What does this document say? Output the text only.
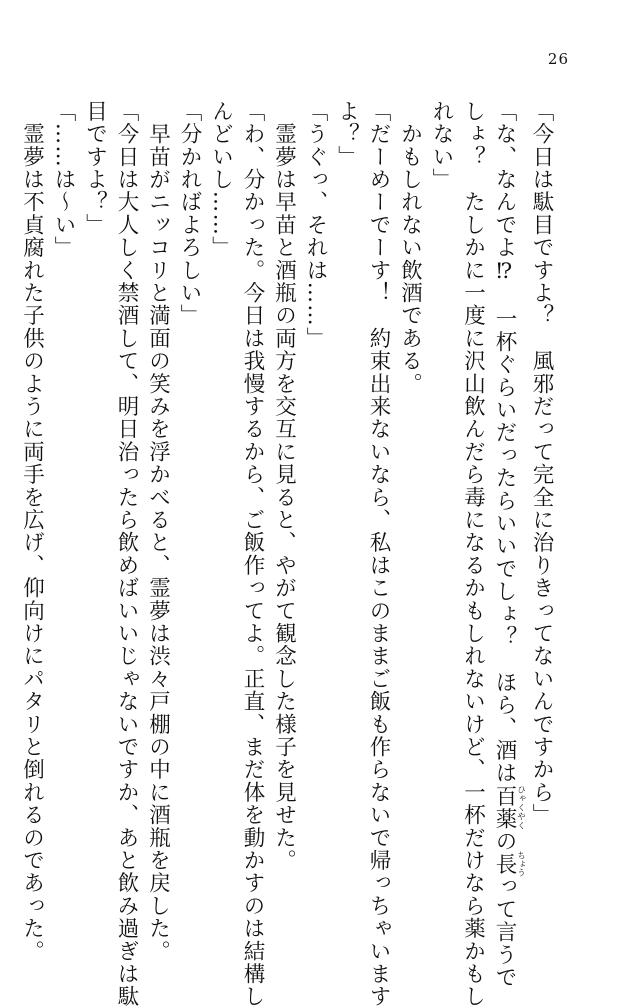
26
「今日は駄目ですよ？　風邪だって完全に治りきってないんですから」
「な、なんでよ⁉　一杯ぐらいだったらいいでしょ？　ほら、酒は百薬ひゃくやくの長ちょうって言うで
しょ？　たしかに一度に沢山飲んだら毒になるかもしれないけど、一杯だけなら薬かもし
れない」
　かもしれない飲酒である。
「だーめーでーす！　約束出来ないなら、私はこのままご飯も作らないで帰っちゃいます
よ？」
「うぐっ、それは……」
　霊夢は早苗と酒瓶の両方を交互に見ると、やがて観念した様子を見せた。
「わ、分かった。今日は我慢するから、ご飯作ってよ。正直、まだ体を動かすのは結構し
んどいし……」
「分かればよろしい」
　早苗がニッコリと満面の笑みを浮かべると、霊夢は渋々戸棚の中に酒瓶を戻した。
「今日は大人しく禁酒して、明日治ったら飲めばいいじゃないですか、あと飲み過ぎは駄
目ですよ？」
「……は～い」
　霊夢は不貞腐れた子供のように両手を広げ、仰向けにパタリと倒れるのであった。
